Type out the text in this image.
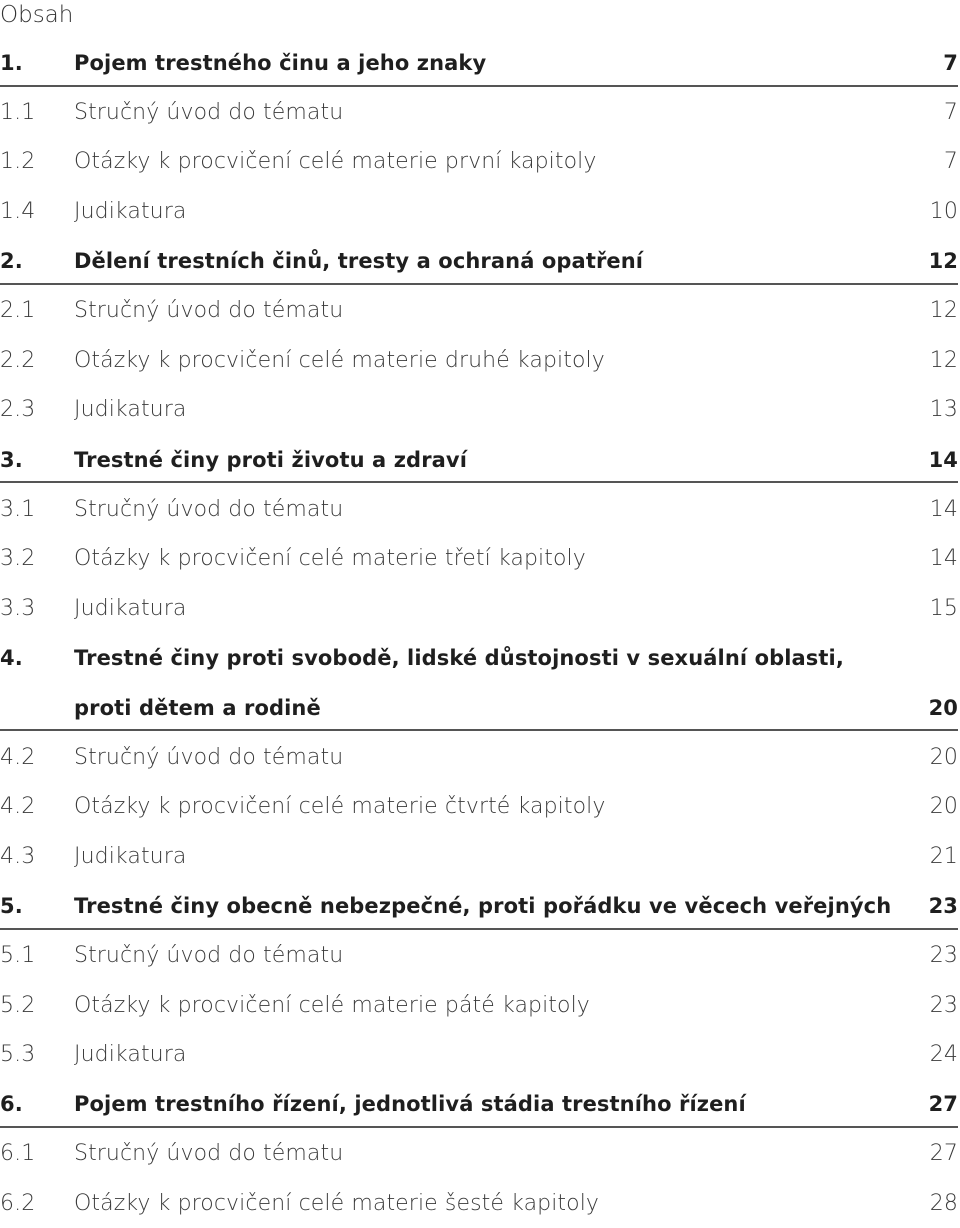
Obsah
1.	Pojem trestného činu a jeho znaky	7
1.1	Stručný úvod do tématu	7
1.2	Otázky k procvičení celé materie první kapitoly	7
1.4	Judikatura	10
2.	Dělení trestních činů, tresty a ochraná opatření	12
2.1	Stručný úvod do tématu	12
2.2	Otázky k procvičení celé materie druhé kapitoly	12
2.3	Judikatura	13
3.	Trestné činy proti životu a zdraví	14
3.1	Stručný úvod do tématu	14
3.2	Otázky k procvičení celé materie třetí kapitoly	14
3.3	Judikatura	15
4.	Trestné činy proti svobodě, lidské důstojnosti v sexuální oblasti,
proti dětem a rodině	20
4.2	Stručný úvod do tématu	20
4.2	Otázky k procvičení celé materie čtvrté kapitoly	20
4.3	Judikatura	21
5.	Trestné činy obecně nebezpečné, proti pořádku ve věcech veřejných	23
5.1	Stručný úvod do tématu	23
5.2	Otázky k procvičení celé materie páté kapitoly	23
5.3	Judikatura	24
6.	Pojem trestního řízení, jednotlivá stádia trestního řízení	27
6.1	Stručný úvod do tématu	27
6.2	Otázky k procvičení celé materie šesté kapitoly	28
